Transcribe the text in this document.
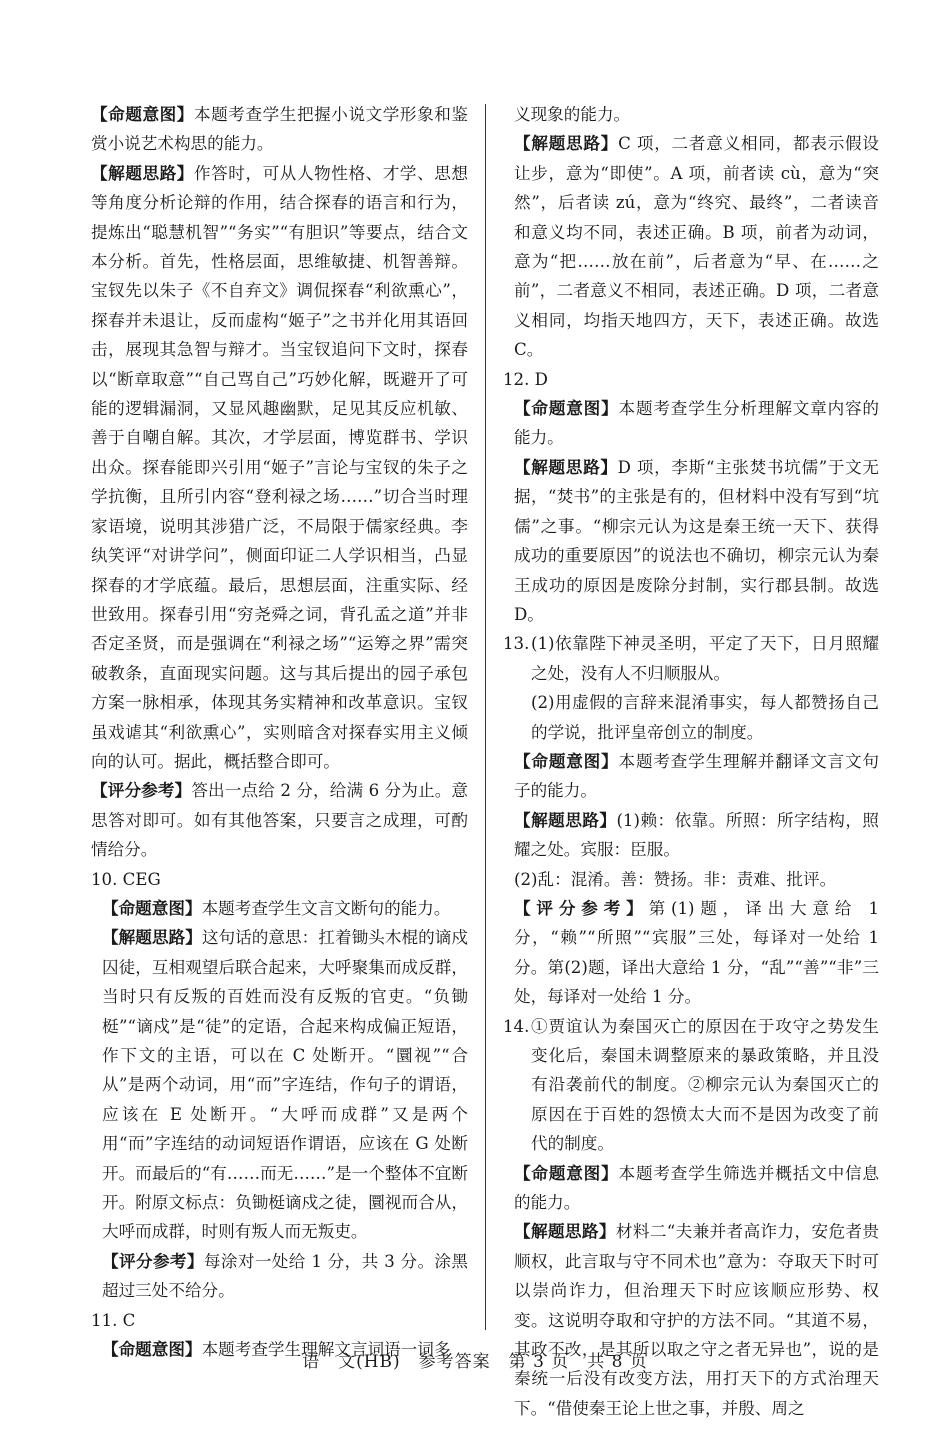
【命题意图】本题考查学生把握小说文学形象和鉴赏小说艺术构思的能力。

【解题思路】作答时，可从人物性格、才学、思想等角度分析论辩的作用，结合探春的语言和行为，提炼出“聪慧机智”“务实”“有胆识”等要点，结合文本分析。首先，性格层面，思维敏捷、机智善辩。宝钗先以朱子《不自弃文》调侃探春“利欲熏心”，探春并未退让，反而虚构“姬子”之书并化用其语回击，展现其急智与辩才。当宝钗追问下文时，探春以“断章取意”“自己骂自己”巧妙化解，既避开了可能的逻辑漏洞，又显风趣幽默，足见其反应机敏、善于自嘲自解。其次，才学层面，博览群书、学识出众。探春能即兴引用“姬子”言论与宝钗的朱子之学抗衡，且所引内容“登利禄之场……”切合当时理家语境，说明其涉猎广泛，不局限于儒家经典。李纨笑评“对讲学问”，侧面印证二人学识相当，凸显探春的才学底蕴。最后，思想层面，注重实际、经世致用。探春引用“穷尧舜之词，背孔孟之道”并非否定圣贤，而是强调在“利禄之场”“运筹之界”需突破教条，直面现实问题。这与其后提出的园子承包方案一脉相承，体现其务实精神和改革意识。宝钗虽戏谑其“利欲熏心”，实则暗含对探春实用主义倾向的认可。据此，概括整合即可。

【评分参考】答出一点给 2 分，给满 6 分为止。意思答对即可。如有其他答案，只要言之成理，可酌情给分。

10. CEG

【命题意图】本题考查学生文言文断句的能力。

【解题思路】这句话的意思：扛着锄头木棍的谪戍囚徒，互相观望后联合起来，大呼聚集而成反群，当时只有反叛的百姓而没有反叛的官吏。“负锄梃”“谪戍”是“徒”的定语，合起来构成偏正短语，作下文的主语，可以在 C 处断开。“圜视”“合从”是两个动词，用“而”字连结，作句子的谓语，应该在 E 处断开。“大呼而成群”又是两个用“而”字连结的动词短语作谓语，应该在 G 处断开。而最后的“有……而无……”是一个整体不宜断开。附原文标点：负锄梃谪戍之徒，圜视而合从，大呼而成群，时则有叛人而无叛吏。

【评分参考】每涂对一处给 1 分，共 3 分。涂黑超过三处不给分。

11. C

【命题意图】本题考查学生理解文言词语一词多

义现象的能力。

【解题思路】C 项，二者意义相同，都表示假设让步，意为“即使”。A 项，前者读 cù，意为“突然”，后者读 zú，意为“终究、最终”，二者读音和意义均不同，表述正确。B 项，前者为动词，意为“把……放在前”，后者意为“早、在……之前”，二者意义不相同，表述正确。D 项，二者意义相同，均指天地四方，天下，表述正确。故选 C。

12. D

【命题意图】本题考查学生分析理解文章内容的能力。

【解题思路】D 项，李斯“主张焚书坑儒”于文无据，“焚书”的主张是有的，但材料中没有写到“坑儒”之事。“柳宗元认为这是秦王统一天下、获得成功的重要原因”的说法也不确切，柳宗元认为秦王成功的原因是废除分封制，实行郡县制。故选 D。

13. (1)依靠陛下神灵圣明，平定了天下，日月照耀之处，没有人不归顺服从。

(2)用虚假的言辞来混淆事实，每人都赞扬自己的学说，批评皇帝创立的制度。

【命题意图】本题考查学生理解并翻译文言文句子的能力。

【解题思路】(1)赖：依靠。所照：所字结构，照耀之处。宾服：臣服。

(2)乱：混淆。善：赞扬。非：责难、批评。

【评分参考】第(1)题，译出大意给 1 分，“赖”“所照”“宾服”三处，每译对一处给 1 分。第(2)题，译出大意给 1 分，“乱”“善”“非”三处，每译对一处给 1 分。

14. ①贾谊认为秦国灭亡的原因在于攻守之势发生变化后，秦国未调整原来的暴政策略，并且没有沿袭前代的制度。②柳宗元认为秦国灭亡的原因在于百姓的怨愤太大而不是因为改变了前代的制度。

【命题意图】本题考查学生筛选并概括文中信息的能力。

【解题思路】材料二“夫兼并者高诈力，安危者贵顺权，此言取与守不同术也”意为：夺取天下时可以崇尚诈力，但治理天下时应该顺应形势、权变。这说明夺取和守护的方法不同。“其道不易，其政不改，是其所以取之守之者无异也”，说的是秦统一后没有改变方法，用打天下的方式治理天下。“借使秦王论上世之事，并殷、周之

语　文(HB)　参考答案　第 3 页　共 8 页
